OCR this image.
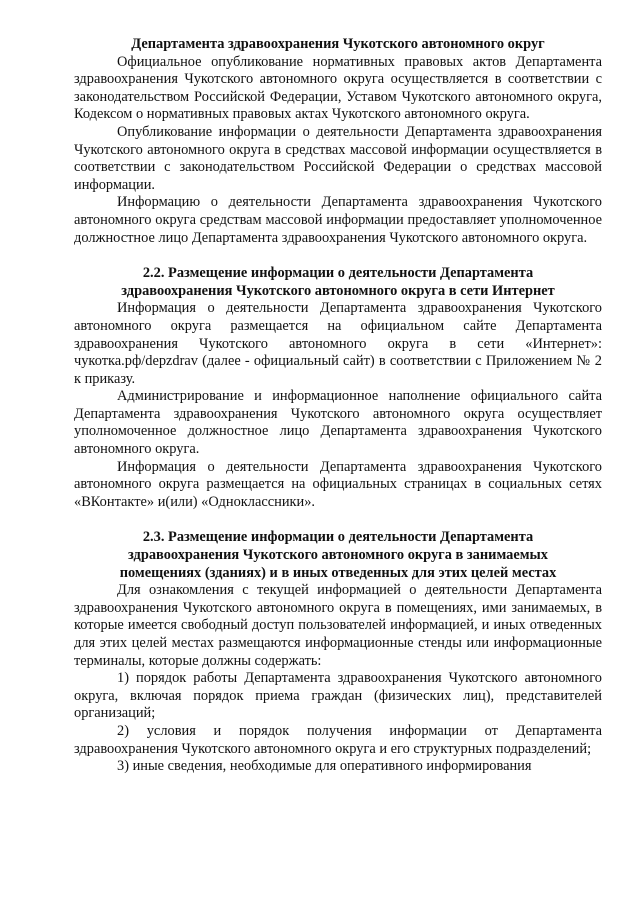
Департамента здравоохранения Чукотского автономного округ

Официальное опубликование нормативных правовых актов Департамента здравоохранения Чукотского автономного округа осуществляется в соответствии с законодательством Российской Федерации, Уставом Чукотского автономного округа, Кодексом о нормативных правовых актах Чукотского автономного округа.

Опубликование информации о деятельности Департамента здравоохранения Чукотского автономного округа в средствах массовой информации осуществляется в соответствии с законодательством Российской Федерации о средствах массовой информации.

Информацию о деятельности Департамента здравоохранения Чукотского автономного округа средствам массовой информации предоставляет уполномоченное должностное лицо Департамента здравоохранения Чукотского автономного округа.

2.2. Размещение информации о деятельности Департамента

здравоохранения Чукотского автономного округа в сети Интернет

Информация о деятельности Департамента здравоохранения Чукотского автономного округа размещается на официальном сайте Департамента здравоохранения Чукотского автономного округа в сети «Интернет»: чукотка.рф/depzdrav (далее - официальный сайт) в соответствии с Приложением № 2 к приказу.

Администрирование и информационное наполнение официального сайта Департамента здравоохранения Чукотского автономного округа осуществляет уполномоченное должностное лицо Департамента здравоохранения Чукотского автономного округа.

Информация о деятельности Департамента здравоохранения Чукотского автономного округа размещается на официальных страницах в социальных сетях «ВКонтакте» и(или) «Одноклассники».

2.3. Размещение информации о деятельности Департамента

здравоохранения Чукотского автономного округа в занимаемых

помещениях (зданиях) и в иных отведенных для этих целей местах

Для ознакомления с текущей информацией о деятельности Департамента здравоохранения Чукотского автономного округа в помещениях, ими занимаемых, в которые имеется свободный доступ пользователей информацией, и иных отведенных для этих целей местах размещаются информационные стенды или информационные терминалы, которые должны содержать:

1) порядок работы Департамента здравоохранения Чукотского автономного округа, включая порядок приема граждан (физических лиц), представителей организаций;

2) условия и порядок получения информации от Департамента здравоохранения Чукотского автономного округа и его структурных подразделений;

3) иные сведения, необходимые для оперативного информирования
